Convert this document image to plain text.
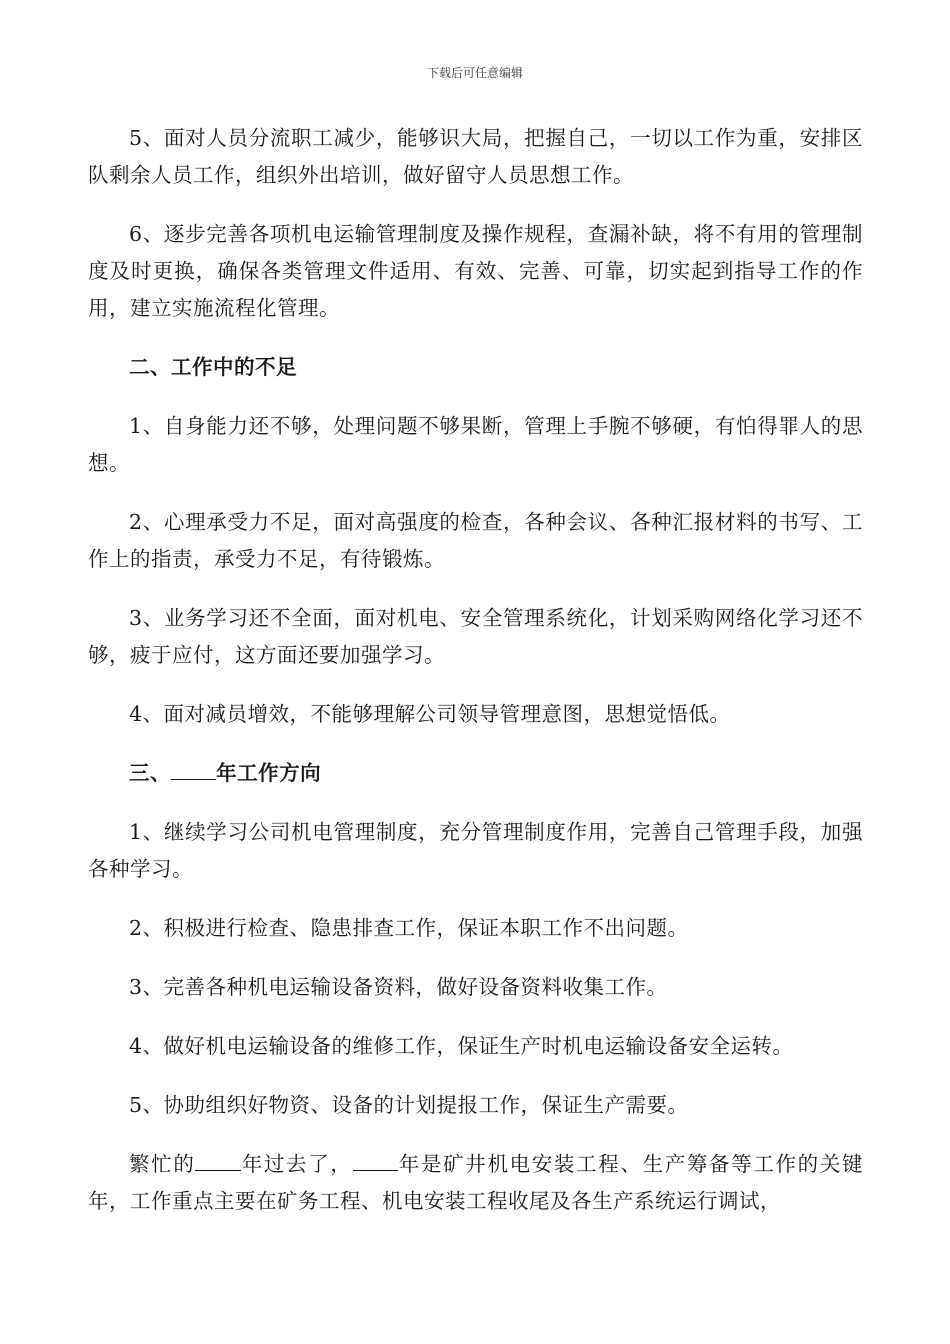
下载后可任意编辑

5、面对人员分流职工减少，能够识大局，把握自己，一切以工作为重，安排区队剩余人员工作，组织外出培训，做好留守人员思想工作。

6、逐步完善各项机电运输管理制度及操作规程，查漏补缺，将不有用的管理制度及时更换，确保各类管理文件适用、有效、完善、可靠，切实起到指导工作的作用，建立实施流程化管理。

二、工作中的不足

1、自身能力还不够，处理问题不够果断，管理上手腕不够硬，有怕得罪人的思想。

2、心理承受力不足，面对高强度的检查，各种会议、各种汇报材料的书写、工作上的指责，承受力不足，有待锻炼。

3、业务学习还不全面，面对机电、安全管理系统化，计划采购网络化学习还不够，疲于应付，这方面还要加强学习。

4、面对减员增效，不能够理解公司领导管理意图，思想觉悟低。

三、 年工作方向

1、继续学习公司机电管理制度，充分管理制度作用，完善自己管理手段，加强各种学习。

2、积极进行检查、隐患排查工作，保证本职工作不出问题。

3、完善各种机电运输设备资料，做好设备资料收集工作。

4、做好机电运输设备的维修工作，保证生产时机电运输设备安全运转。

5、协助组织好物资、设备的计划提报工作，保证生产需要。

繁忙的 年过去了， 年是矿井机电安装工程、生产筹备等工作的关键年，工作重点主要在矿务工程、机电安装工程收尾及各生产系统运行调试，
